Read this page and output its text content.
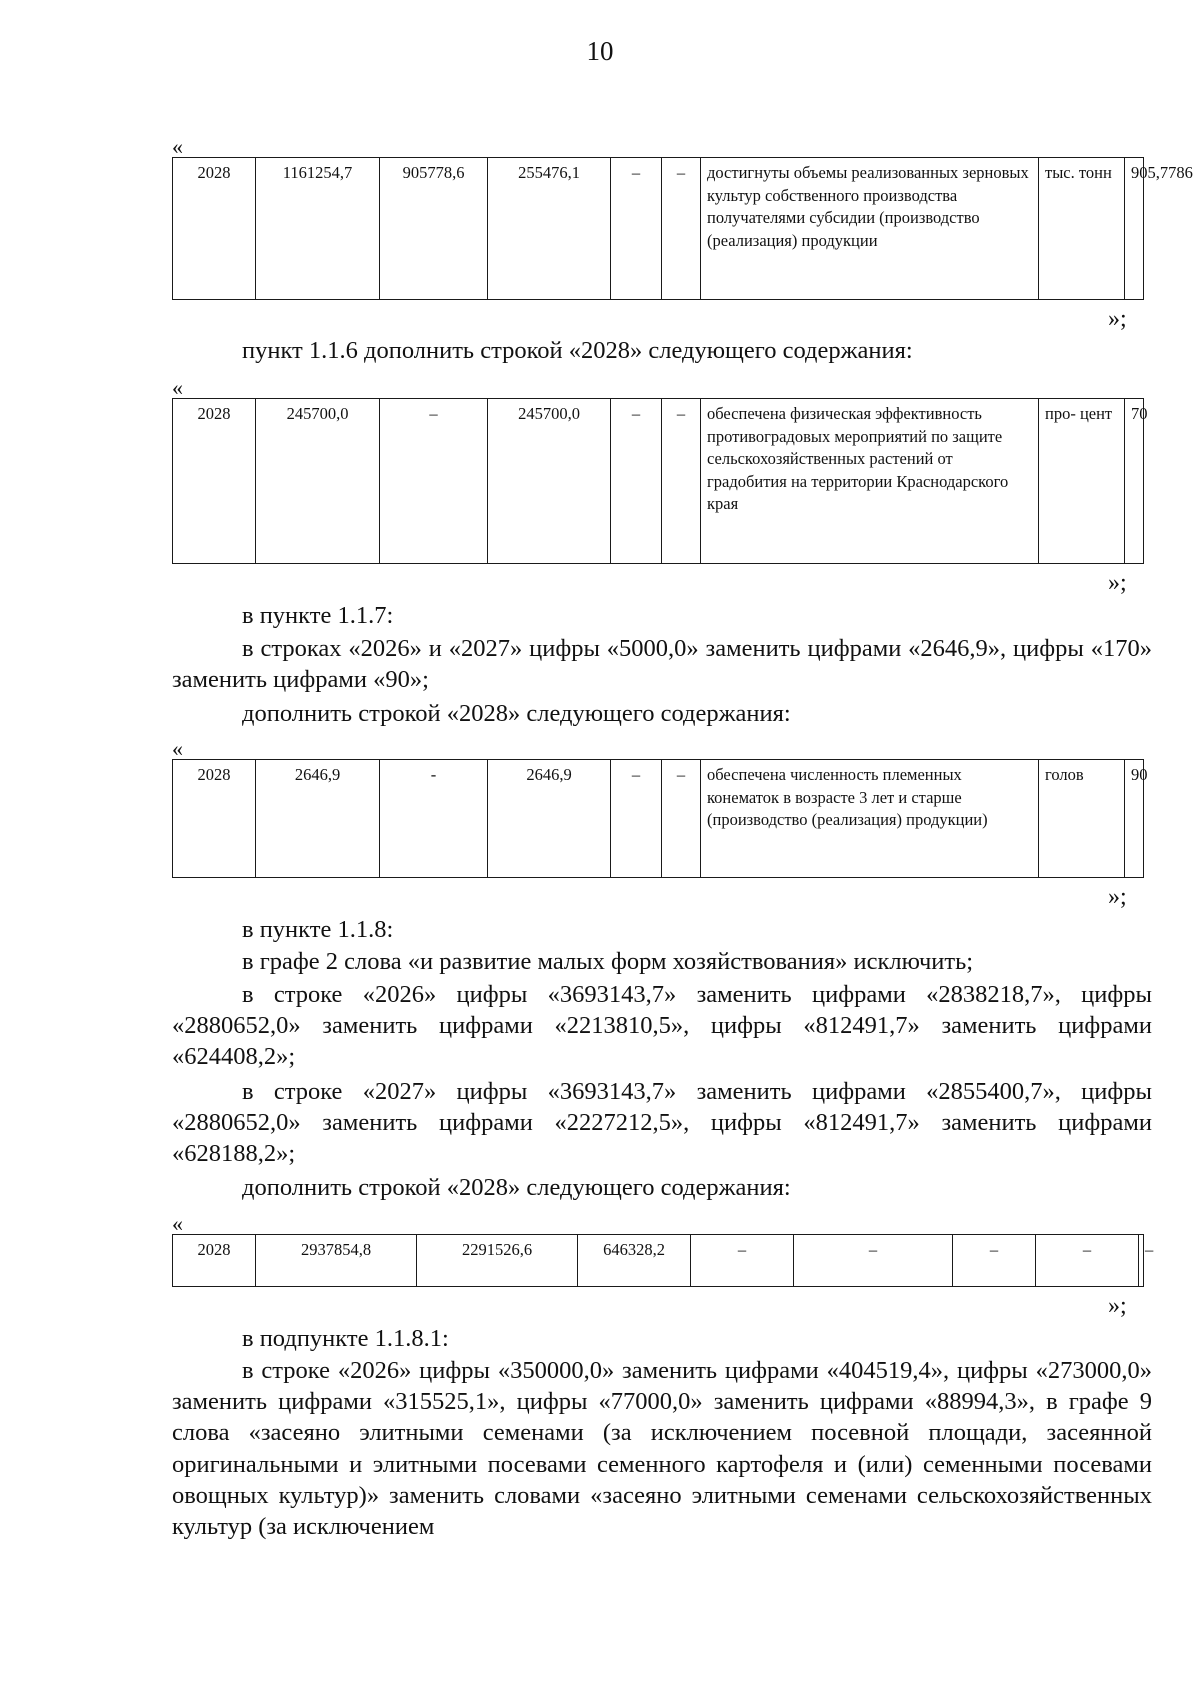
10
«
2028	1161254,7	905778,6	255476,1	–	–	достигнуты объемы реализованных зерновых культур собственного производства получателями субсидии (производство (реализация) продукции	тыс. тонн	905,7786
»;

пункт 1.1.6 дополнить строкой «2028» следующего содержания:

«
2028	245700,0	–	245700,0	–	–	обеспечена физическая эффективность противоградовых мероприятий по защите сельскохозяйственных растений от градобития на территории Краснодарского края	про- цент	70
»;

в пункте 1.1.7:

в строках «2026» и «2027» цифры «5000,0» заменить цифрами «2646,9», цифры «170» заменить цифрами «90»;

дополнить строкой «2028» следующего содержания:

«
2028	2646,9	-	2646,9	–	–	обеспечена численность племенных конематок в возрасте 3 лет и старше (производство (реализация) продукции)	голов	90
»;

в пункте 1.1.8:

в графе 2 слова «и развитие малых форм хозяйствования» исключить;

в строке «2026» цифры «3693143,7» заменить цифрами «2838218,7», цифры «2880652,0» заменить цифрами «2213810,5», цифры «812491,7» заменить цифрами «624408,2»;

в строке «2027» цифры «3693143,7» заменить цифрами «2855400,7», цифры «2880652,0» заменить цифрами «2227212,5», цифры «812491,7» заменить цифрами «628188,2»;

дополнить строкой «2028» следующего содержания:

«
2028	2937854,8	2291526,6	646328,2	–	–	–	–	–
»;

в подпункте 1.1.8.1:

в строке «2026» цифры «350000,0» заменить цифрами «404519,4», цифры «273000,0» заменить цифрами «315525,1», цифры «77000,0» заменить цифрами «88994,3», в графе 9 слова «засеяно элитными семенами (за исключением посевной площади, засеянной оригинальными и элитными посевами семенного картофеля и (или) семенными посевами овощных культур)» заменить словами «засеяно элитными семенами сельскохозяйственных культур (за исключением
